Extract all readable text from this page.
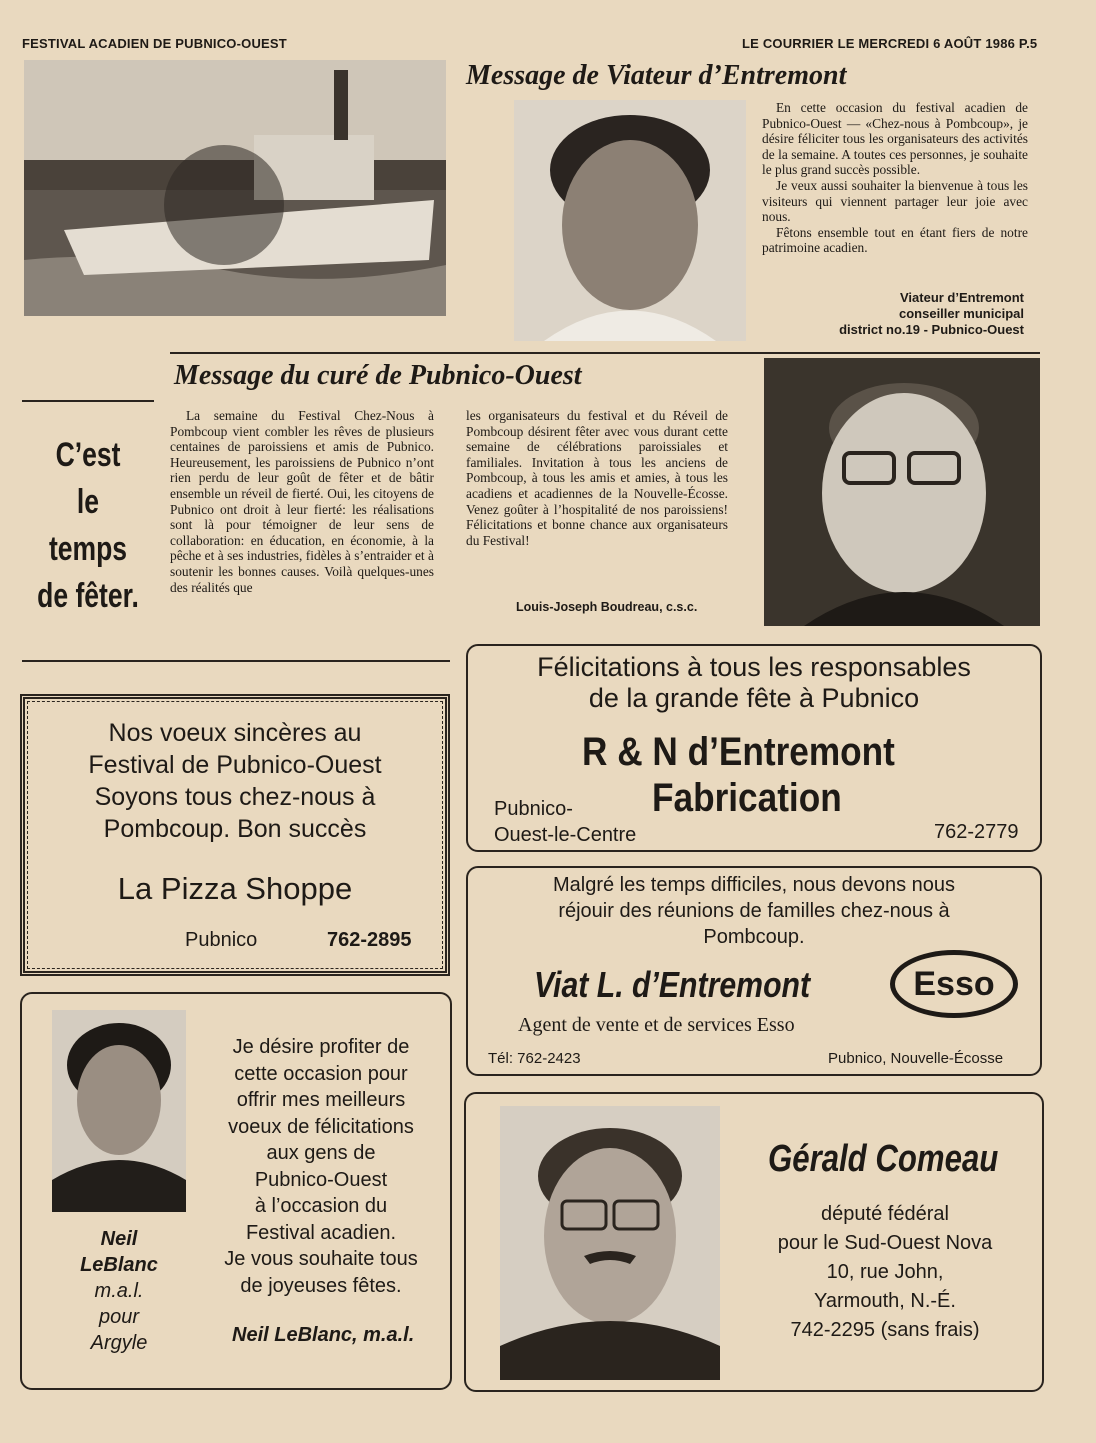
FESTIVAL ACADIEN DE PUBNICO-OUEST	LE COURRIER LE MERCREDI 6 AOÛT 1986 P.5
Message de Viateur d’Entremont
En cette occasion du festival acadien de Pubnico-Ouest — «Chez-nous à Pombcoup», je désire féliciter tous les organisateurs des activités de la semaine. A toutes ces personnes, je souhaite le plus grand succès possible.
Je veux aussi souhaiter la bienvenue à tous les visiteurs qui viennent partager leur joie avec nous.
Fêtons ensemble tout en étant fiers de notre patrimoine acadien.
Viateur d’Entremont
conseiller municipal
district no.19 - Pubnico-Ouest
Message du curé de Pubnico-Ouest
La semaine du Festival Chez-Nous à Pombcoup vient combler les rêves de plusieurs centaines de paroissiens et amis de Pubnico. Heureusement, les paroissiens de Pubnico n’ont rien perdu de leur goût de fêter et de bâtir ensemble un réveil de fierté. Oui, les citoyens de Pubnico ont droit à leur fierté: les réalisations sont là pour témoigner de leur sens de collaboration: en éducation, en économie, à la pêche et à ses industries, fidèles à s’entraider et à soutenir les bonnes causes. Voilà quelques-unes des réalités que
les organisateurs du festival et du Réveil de Pombcoup désirent fêter avec vous durant cette semaine de célébrations paroissiales et familiales. Invitation à tous les anciens de Pombcoup, à tous les amis et amies, à tous les acadiens et acadiennes de la Nouvelle-Écosse. Venez goûter à l’hospitalité de nos paroissiens! Félicitations et bonne chance aux organisateurs du Festival!
Louis-Joseph Boudreau, c.s.c.
C’est
le
temps
de fêter.
Nos voeux sincères au
Festival de Pubnico-Ouest
Soyons tous chez-nous à
Pombcoup. Bon succès
La Pizza Shoppe
Pubnico	762-2895
Félicitations à tous les responsables
de la grande fête à Pubnico
R & N d’Entremont
Fabrication
Pubnico-
Ouest-le-Centre	762-2779
Malgré les temps difficiles, nous devons nous
réjouir des réunions de familles chez-nous à
Pombcoup.
Viat L. d’Entremont
Agent de vente et de services Esso
Esso
Tél: 762-2423	Pubnico, Nouvelle-Écosse
Neil
LeBlanc
m.a.l.
pour
Argyle
Je désire profiter de
cette occasion pour
offrir mes meilleurs
voeux de félicitations
aux gens de
Pubnico-Ouest
à l’occasion du
Festival acadien.
Je vous souhaite tous
de joyeuses fêtes.
Neil LeBlanc, m.a.l.
Gérald Comeau
député fédéral
pour le Sud-Ouest Nova
10, rue John,
Yarmouth, N.-É.
742-2295 (sans frais)
